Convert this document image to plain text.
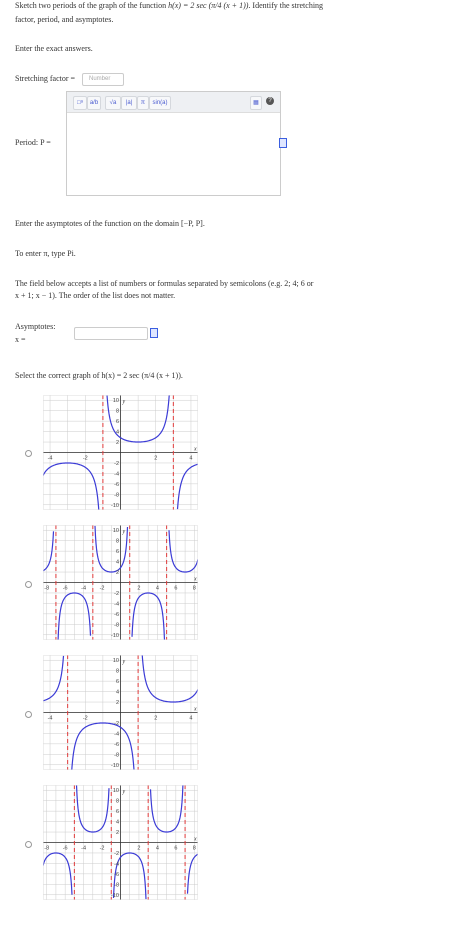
Sketch two periods of the graph of the function h(x) = 2 sec (π/4 (x + 1)). Identify the stretching
factor, period, and asymptotes.
Enter the exact answers.
Stretching factor =	Number
□ᵃ	a/b	√a	|a|	π	sin(a)	▦	?
Period: P =
Enter the asymptotes of the function on the domain [−P, P].
To enter π, type Pi.
The field below accepts a list of numbers or formulas separated by semicolons (e.g. 2; 4; 6 or
x + 1; x − 1). The order of the list does not matter.
Asymptotes:
x =
Select the correct graph of h(x) = 2 sec (π/4 (x + 1)).
-4	-2	2	4
10
8
6
4
2
-2
-4
-6
-8
-10
x
y
-8 -6 -4 -2	2	4	6	8
10
8
6
4
2
-2
-4
-6
-8
-10
x
y
-4	-2	2	4
10
8
6
4
2
-2
-4
-6
-8
-10
x
y
-8 -6 -4 -2	2	4	6	8
10
8
6
4
2
-2
-4
-6
-8
-10
x
y
